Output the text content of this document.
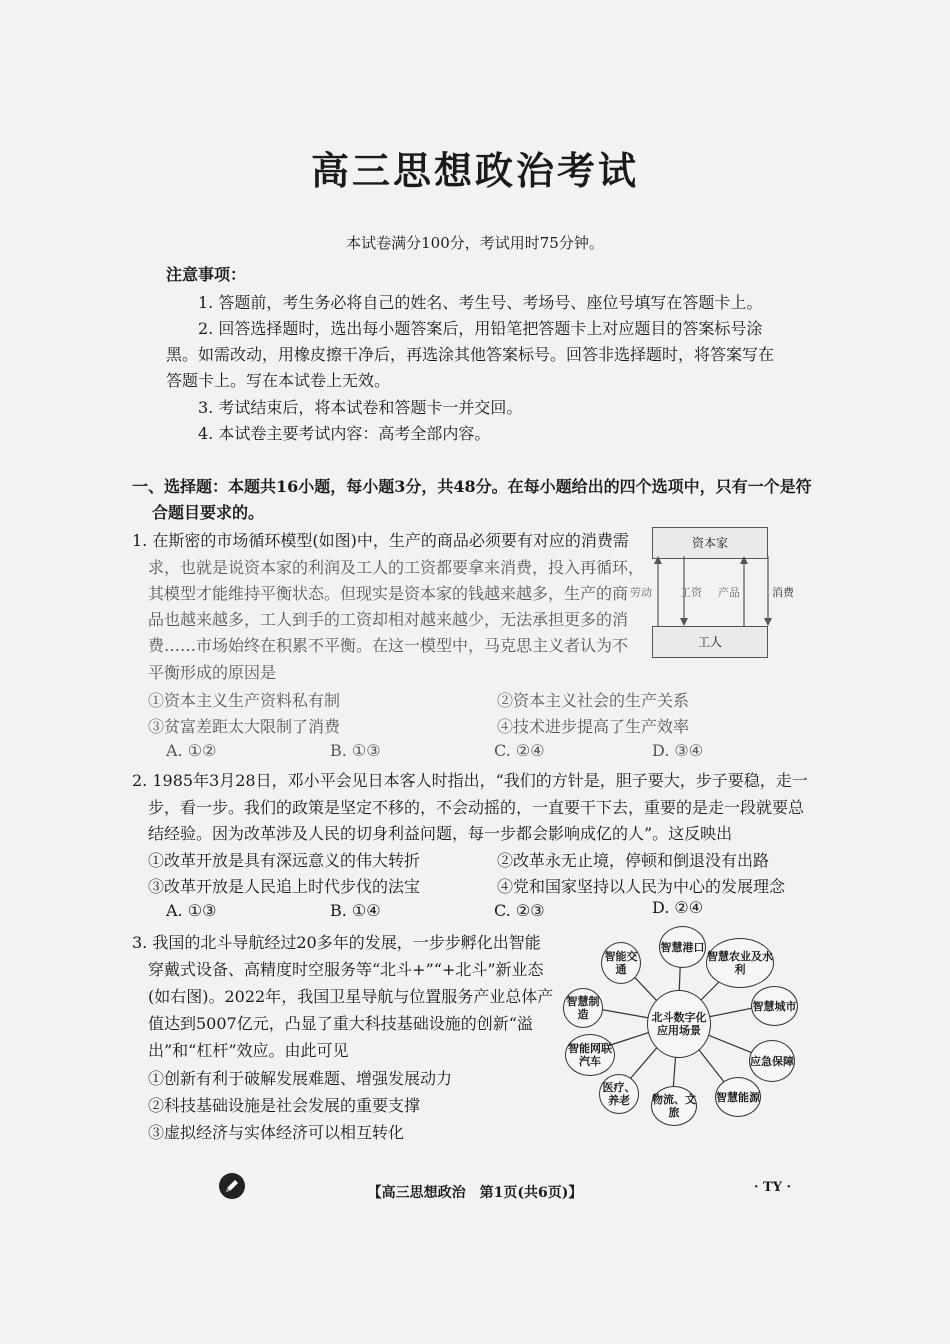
高三思想政治考试
本试卷满分100分，考试用时75分钟。
注意事项：
1. 答题前，考生务必将自己的姓名、考生号、考场号、座位号填写在答题卡上。
2. 回答选择题时，选出每小题答案后，用铅笔把答题卡上对应题目的答案标号涂
黑。如需改动，用橡皮擦干净后，再选涂其他答案标号。回答非选择题时，将答案写在
答题卡上。写在本试卷上无效。
3. 考试结束后，将本试卷和答题卡一并交回。
4. 本试卷主要考试内容：高考全部内容。
一、选择题：本题共16小题，每小题3分，共48分。在每小题给出的四个选项中，只有一个是符
合题目要求的。
1. 在斯密的市场循环模型(如图)中，生产的商品必须要有对应的消费需
求，也就是说资本家的利润及工人的工资都要拿来消费，投入再循环，
其模型才能维持平衡状态。但现实是资本家的钱越来越多，生产的商
品也越来越多，工人到手的工资却相对越来越少，无法承担更多的消
费……市场始终在积累不平衡。在这一模型中，马克思主义者认为不
平衡形成的原因是
①资本主义生产资料私有制	②资本主义社会的生产关系
③贫富差距太大限制了消费	④技术进步提高了生产效率
A. ①②	B. ①③	C. ②④	D. ③④
资本家
工人
劳动	工资 产品	消费
2. 1985年3月28日，邓小平会见日本客人时指出，“我们的方针是，胆子要大，步子要稳，走一
步，看一步。我们的政策是坚定不移的，不会动摇的，一直要干下去，重要的是走一段就要总
结经验。因为改革涉及人民的切身利益问题，每一步都会影响成亿的人”。这反映出
①改革开放是具有深远意义的伟大转折	②改革永无止境，停顿和倒退没有出路
③改革开放是人民追上时代步伐的法宝	④党和国家坚持以人民为中心的发展理念
A. ①③	B. ①④	C. ②③	D. ②④
3. 我国的北斗导航经过20多年的发展，一步步孵化出智能
穿戴式设备、高精度时空服务等“北斗+”“+北斗”新业态
(如右图)。2022年，我国卫星导航与位置服务产业总体产
值达到5007亿元，凸显了重大科技基础设施的创新“溢
出”和“杠杆”效应。由此可见
①创新有利于破解发展难题、增强发展动力
②科技基础设施是社会发展的重要支撑
③虚拟经济与实体经济可以相互转化
北斗数字化应用场景
智慧港口
智慧农业及水利
智慧城市
应急保障
智慧能源
物流、文旅
医疗、养老
智能网联汽车
智慧制造
智能交通
【高三思想政治　第1页(共6页)】	· TY ·
